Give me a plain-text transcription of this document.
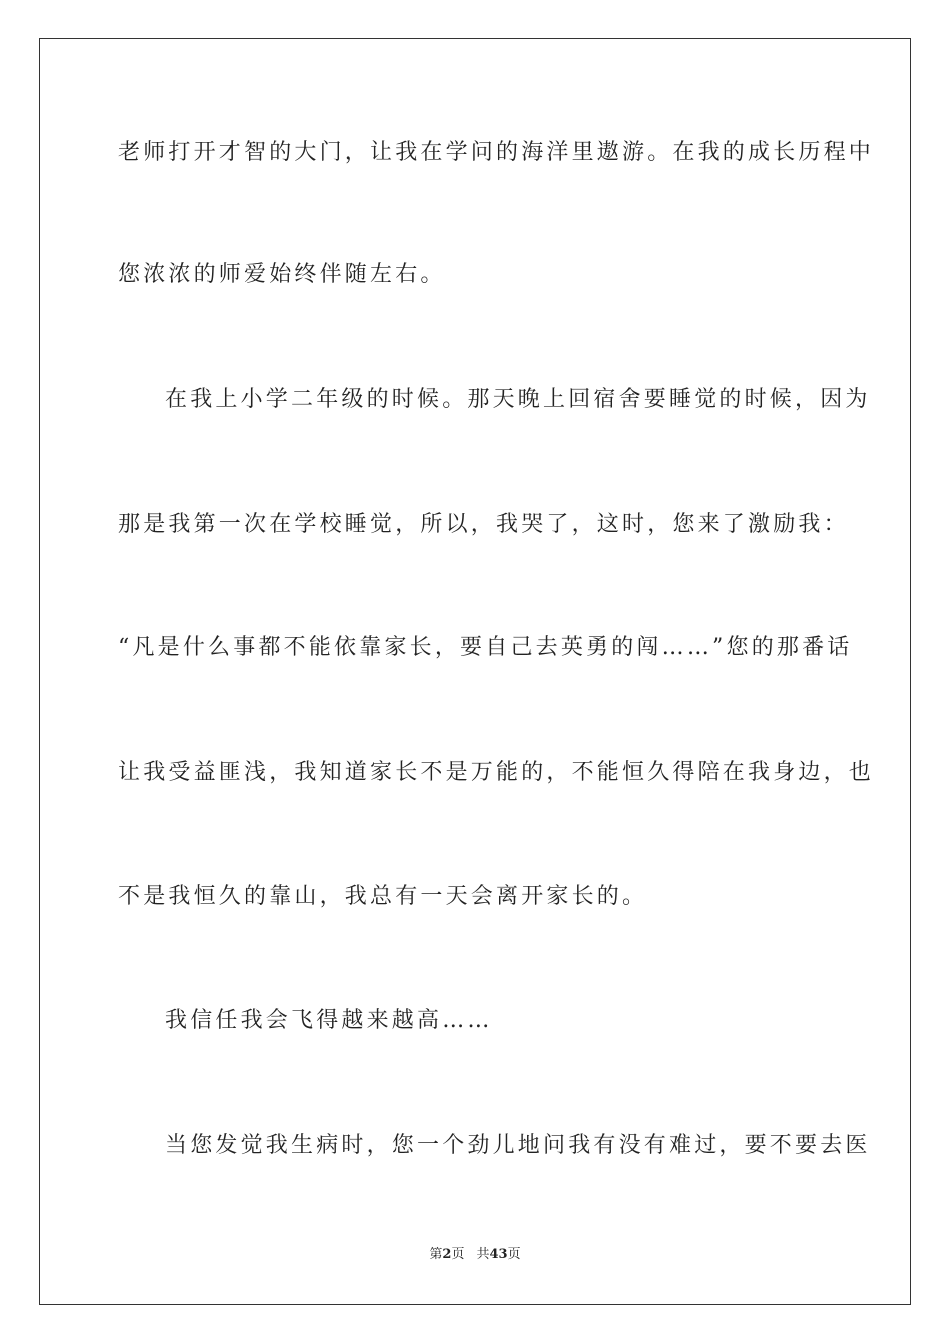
老师打开才智的大门，让我在学问的海洋里遨游。在我的成长历程中
您浓浓的师爱始终伴随左右。
在我上小学二年级的时候。那天晚上回宿舍要睡觉的时候，因为
那是我第一次在学校睡觉，所以，我哭了，这时，您来了激励我：
“凡是什么事都不能依靠家长，要自己去英勇的闯……”您的那番话
让我受益匪浅，我知道家长不是万能的，不能恒久得陪在我身边，也
不是我恒久的靠山，我总有一天会离开家长的。
我信任我会飞得越来越高……
当您发觉我生病时，您一个劲儿地问我有没有难过，要不要去医
第2页 共43页
